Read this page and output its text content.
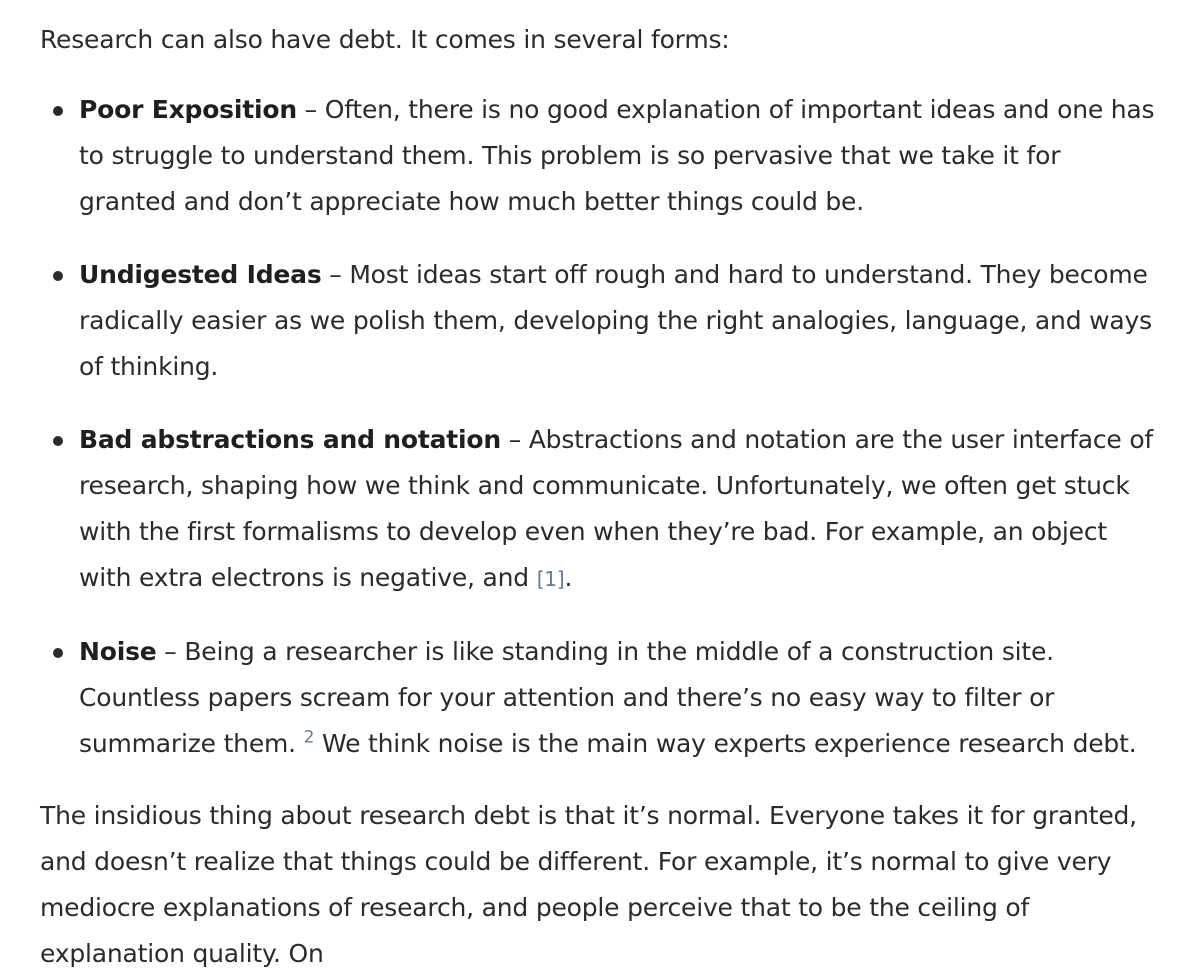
Research can also have debt. It comes in several forms:

Poor Exposition – Often, there is no good explanation of important ideas and one has to struggle to understand them. This problem is so pervasive that we take it for granted and don’t appreciate how much better things could be.
Undigested Ideas – Most ideas start off rough and hard to understand. They become radically easier as we polish them, developing the right analogies, language, and ways of thinking.
Bad abstractions and notation – Abstractions and notation are the user interface of research, shaping how we think and communicate. Unfortunately, we often get stuck with the first formalisms to develop even when they’re bad. For example, an object with extra electrons is negative, and [1].
Noise – Being a researcher is like standing in the middle of a construction site. Countless papers scream for your attention and there’s no easy way to filter or summarize them. $^2$ We think noise is the main way experts experience research debt.

The insidious thing about research debt is that it’s normal. Everyone takes it for granted, and doesn’t realize that things could be different. For example, it’s normal to give very mediocre explanations of research, and people perceive that to be the ceiling of explanation quality. On
